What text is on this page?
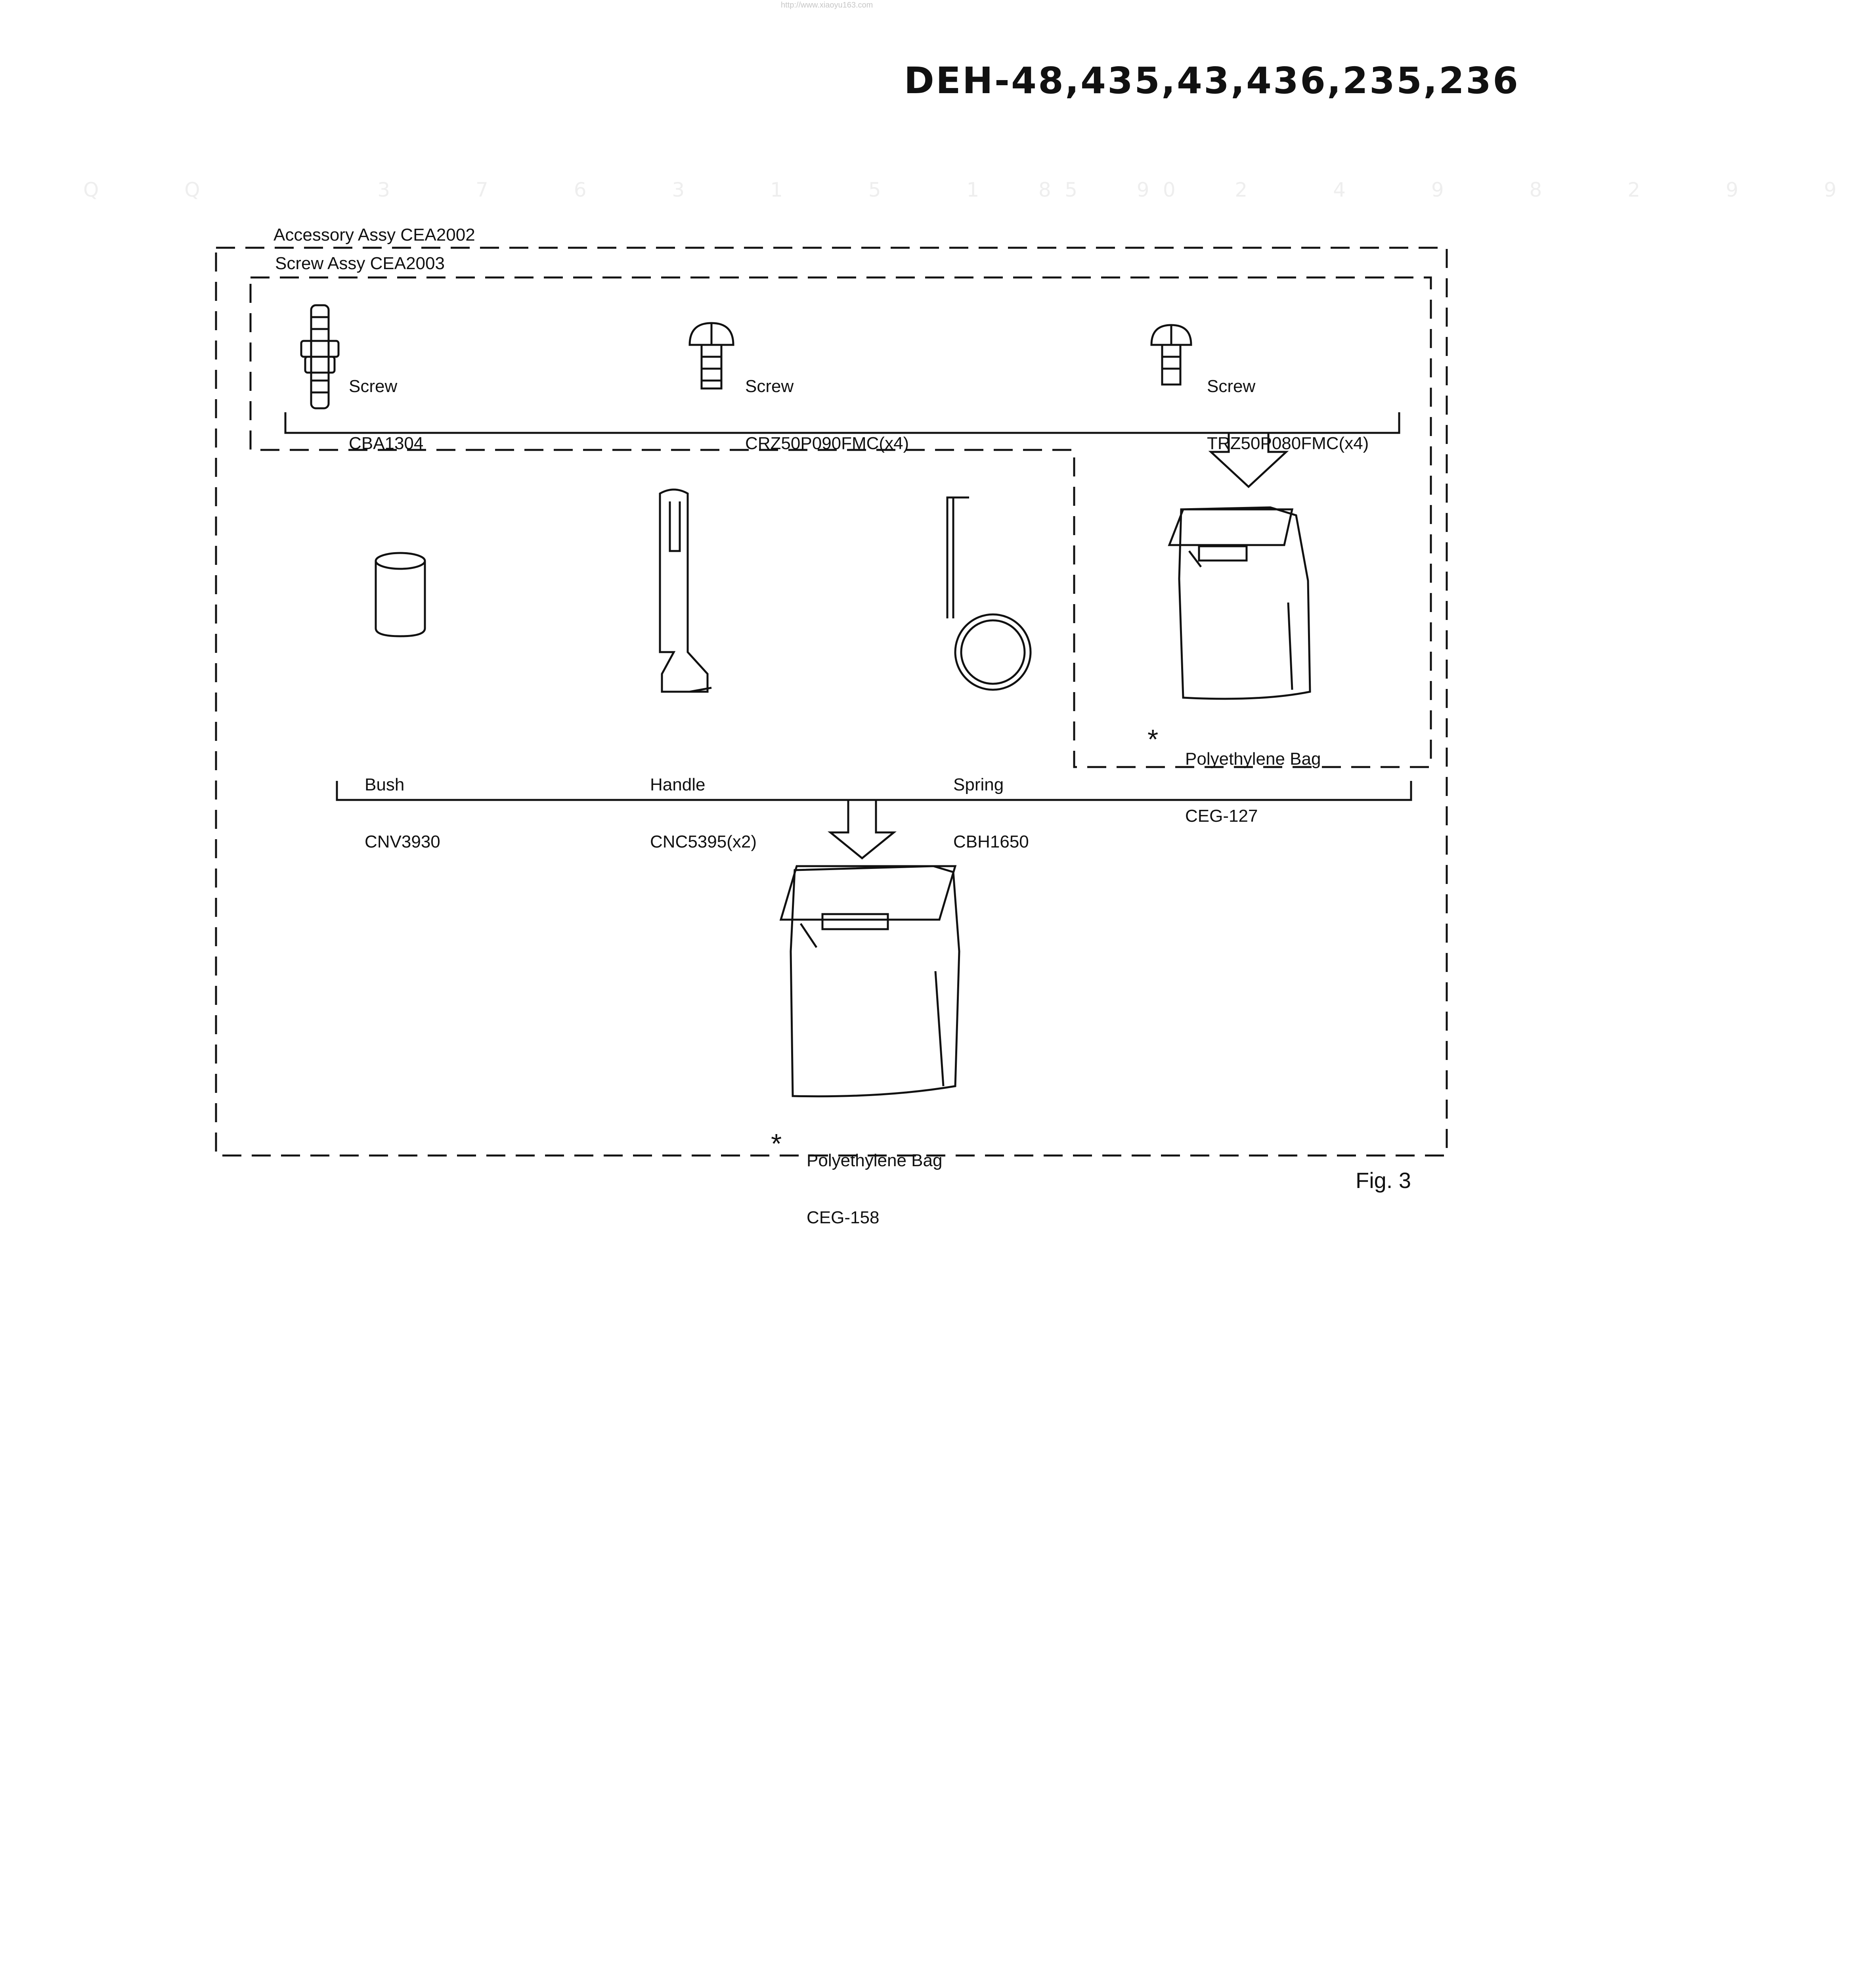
http://www.xiaoyu163.com
DEH-48,435,43,436,235,236
Q Q   3 7 6 3 1 5 1 5 0
8 9 2 4 9 8 2 9 9
Accessory Assy CEA2002
Screw Assy CEA2003

Screw

CBA1304

Screw

CRZ50P090FMC(x4)

Screw

TRZ50P080FMC(x4)

*

Polyethylene Bag

CEG-127

Bush

CNV3930

Handle

CNC5395(x2)

Spring

CBH1650

*

Polyethylene Bag

CEG-158

Fig. 3
